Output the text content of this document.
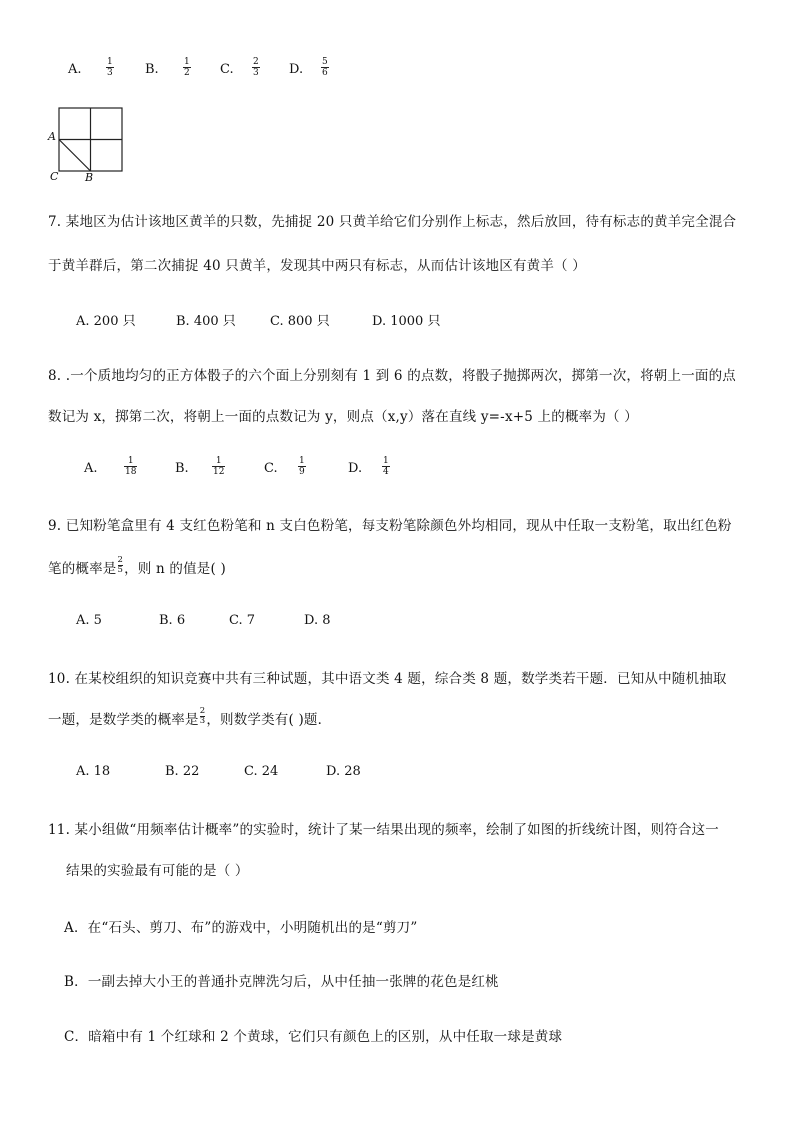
A.	$\frac{1}{3} B$.	$\frac{1}{2} C$. $\frac{2}{3} D$. $\frac{5}{6}$
A
C B
7. 某地区为估计该地区黄羊的只数，先捕捉 20 只黄羊给它们分别作上标志，然后放回，待有标志的黄羊完全混合
于黄羊群后，第二次捕捉 40 只黄羊，发现其中两只有标志，从而估计该地区有黄羊（ ）
A. 200 只	B. 400 只	C. 800 只	D. 1000 只
8. .一个质地均匀的正方体骰子的六个面上分别刻有 1 到 6 的点数，将骰子抛掷两次，掷第一次，将朝上一面的点
数记为 x，掷第二次，将朝上一面的点数记为 y，则点（x,y）落在直线 y=-x+5 上的概率为（ ）
A.	$\frac{1}{18}$	B.	$\frac{1}{12}$	C. $\frac{1}{9}$	D. $\frac{1}{4}$
9. 已知粉笔盒里有 4 支红色粉笔和 n 支白色粉笔，每支粉笔除颜色外均相同，现从中任取一支粉笔，取出红色粉
笔的概率是 $\frac{2}{5}$ ，则 n 的值是( )
A. 5	B. 6	C. 7	D. 8
10. 在某校组织的知识竞赛中共有三种试题，其中语文类 4 题，综合类 8 题，数学类若干题．已知从中随机抽取
一题，是数学类的概率是 $\frac{2}{3}$ ，则数学类有( )题．
A. 18	B. 22	C. 24	D. 28
11. 某小组做“用频率估计概率”的实验时，统计了某一结果出现的频率，绘制了如图的折线统计图，则符合这一
结果的实验最有可能的是（ ）
A．在“石头、剪刀、布”的游戏中，小明随机出的是“剪刀”
B．一副去掉大小王的普通扑克牌洗匀后，从中任抽一张牌的花色是红桃
C．暗箱中有 1 个红球和 2 个黄球，它们只有颜色上的区别，从中任取一球是黄球
